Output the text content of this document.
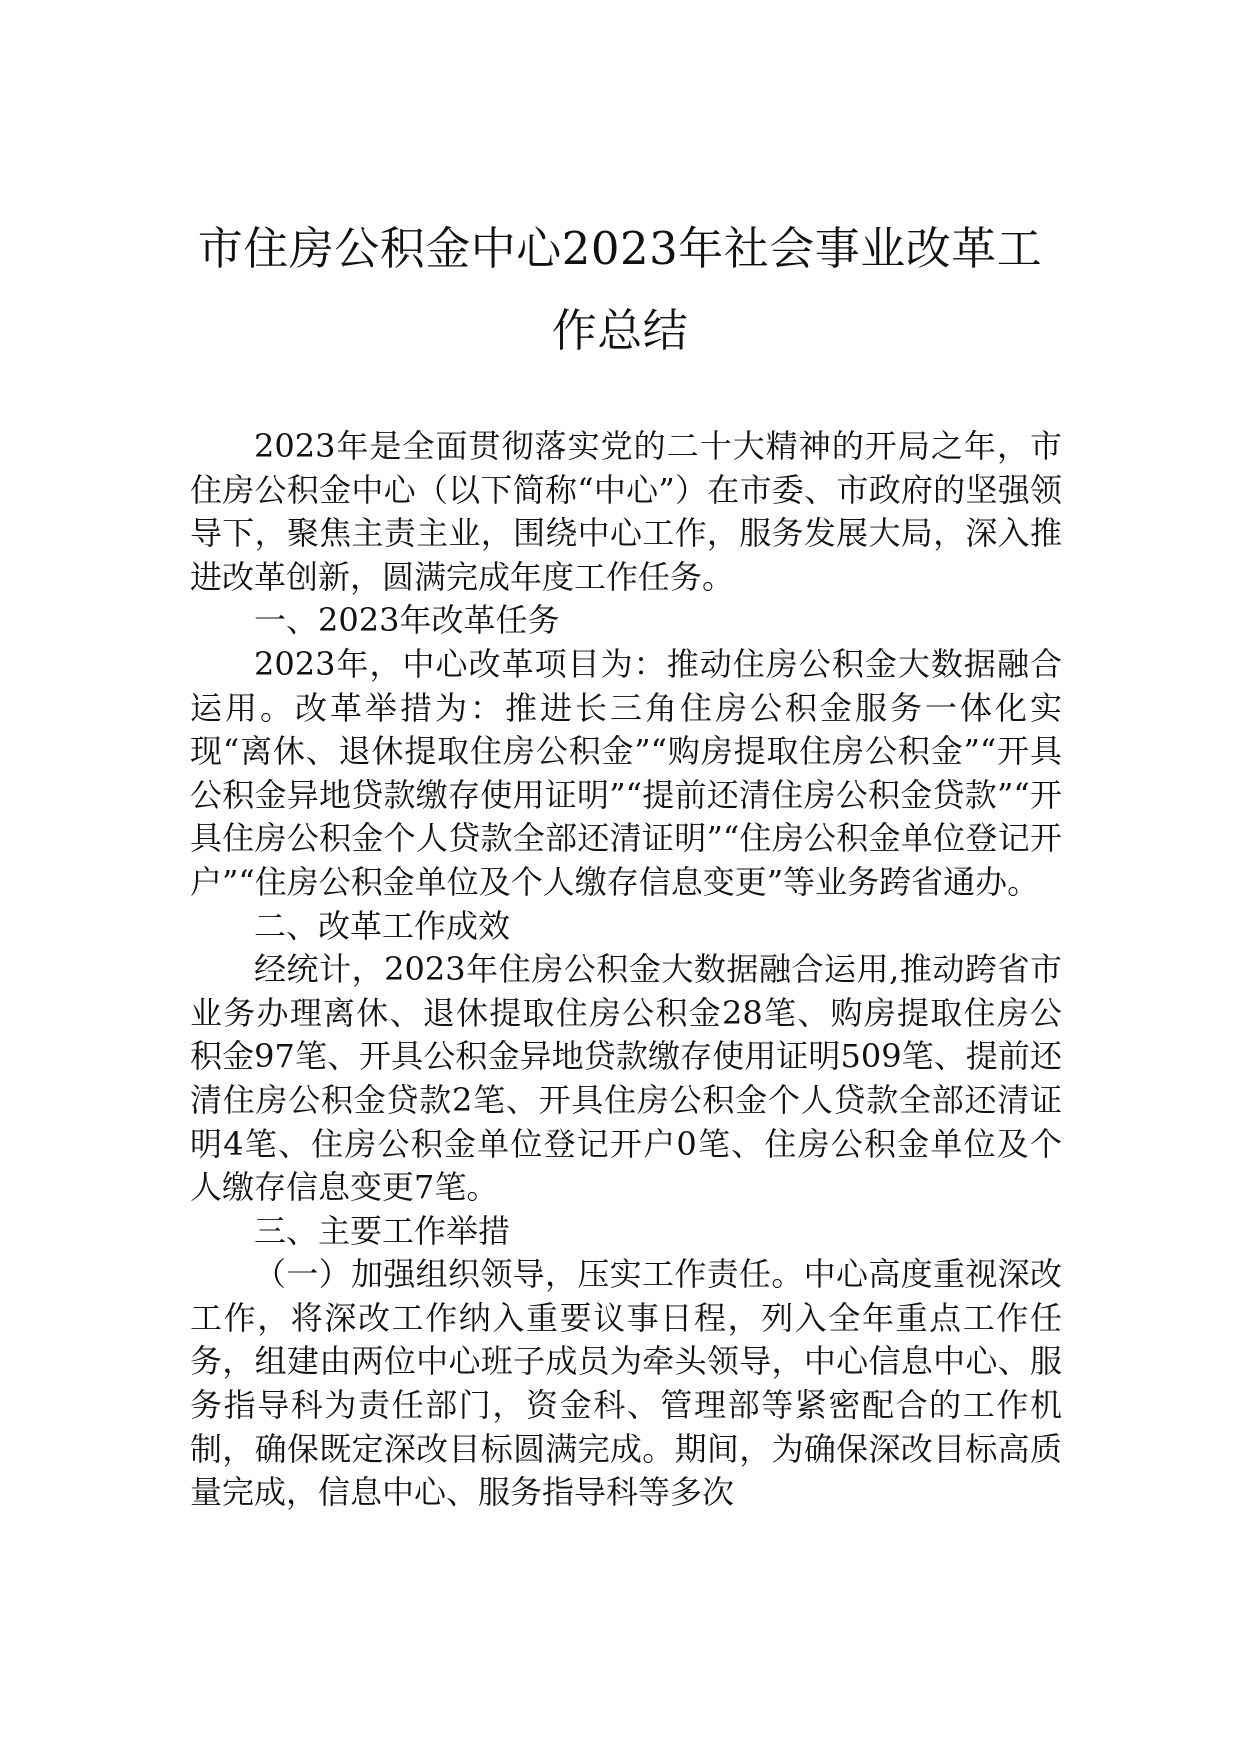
市住房公积金中心2023年社会事业改革工
作总结

2023年是全面贯彻落实党的二十大精神的开局之年，市住房公积金中心（以下简称“中心”）在市委、市政府的坚强领导下，聚焦主责主业，围绕中心工作，服务发展大局，深入推进改革创新，圆满完成年度工作任务。

一、2023年改革任务

2023年，中心改革项目为：推动住房公积金大数据融合运用。改革举措为：推进长三角住房公积金服务一体化实现“离休、退休提取住房公积金”“购房提取住房公积金”“开具公积金异地贷款缴存使用证明”“提前还清住房公积金贷款”“开具住房公积金个人贷款全部还清证明”“住房公积金单位登记开户”“住房公积金单位及个人缴存信息变更”等业务跨省通办。

二、改革工作成效

经统计，2023年住房公积金大数据融合运用,推动跨省市业务办理离休、退休提取住房公积金28笔、购房提取住房公积金97笔、开具公积金异地贷款缴存使用证明509笔、提前还清住房公积金贷款2笔、开具住房公积金个人贷款全部还清证明4笔、住房公积金单位登记开户0笔、住房公积金单位及个人缴存信息变更7笔。

三、主要工作举措

（一）加强组织领导，压实工作责任。中心高度重视深改工作，将深改工作纳入重要议事日程，列入全年重点工作任务，组建由两位中心班子成员为牵头领导，中心信息中心、服务指导科为责任部门，资金科、管理部等紧密配合的工作机制，确保既定深改目标圆满完成。期间，为确保深改目标高质量完成，信息中心、服务指导科等多次
